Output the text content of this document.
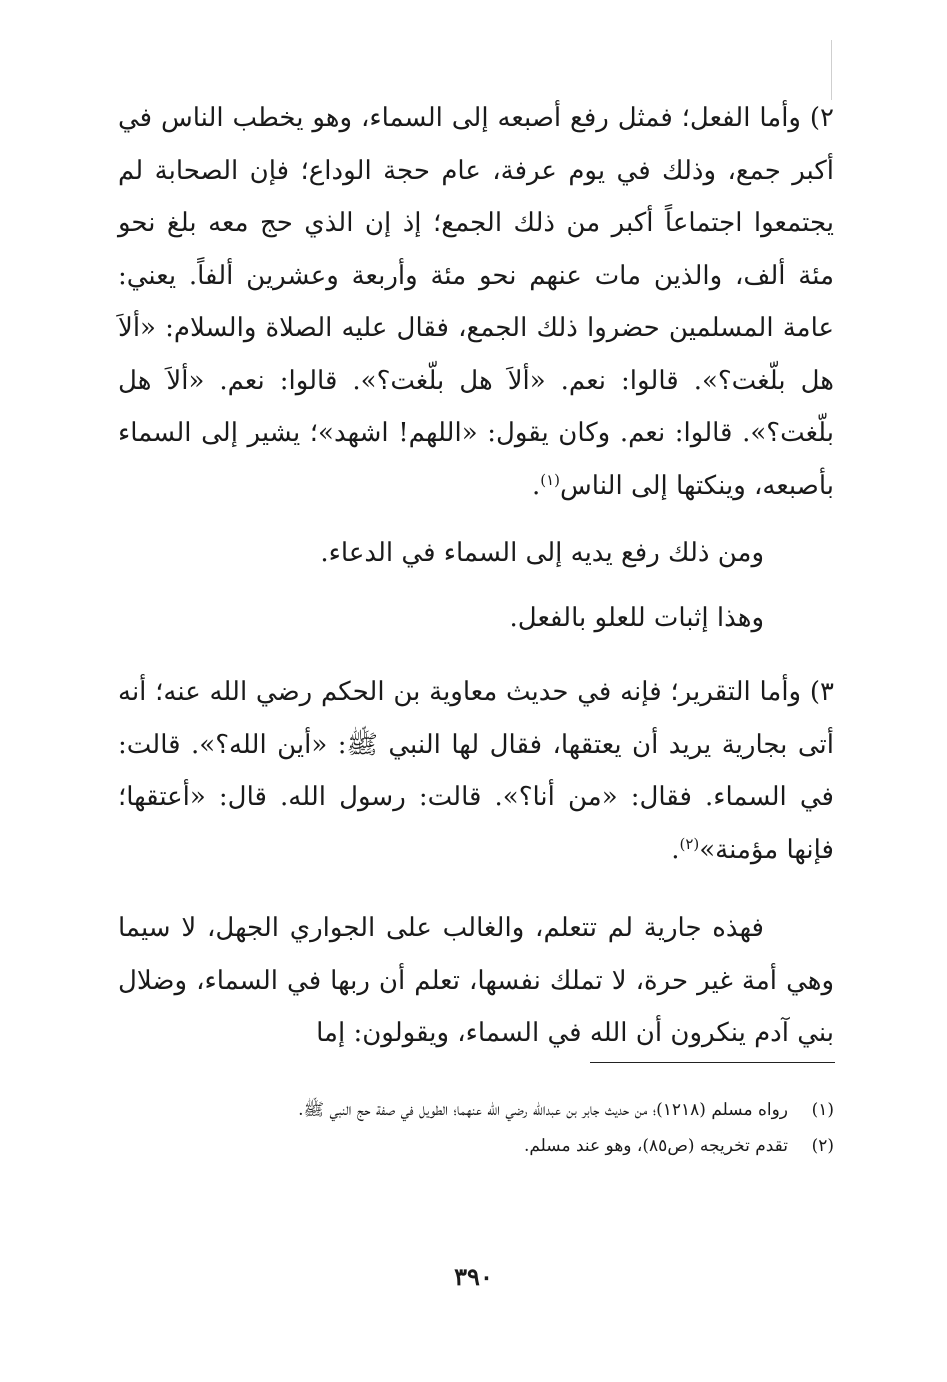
٢) وأما الفعل؛ فمثل رفع أصبعه إلى السماء، وهو يخطب الناس في أكبر جمع، وذلك في يوم عرفة، عام حجة الوداع؛ فإن الصحابة لم يجتمعوا اجتماعاً أكبر من ذلك الجمع؛ إذ إن الذي حج معه بلغ نحو مئة ألف، والذين مات عنهم نحو مئة وأربعة وعشرين ألفاً. يعني: عامة المسلمين حضروا ذلك الجمع، فقال عليه الصلاة والسلام: «ألاَ هل بلّغت؟». قالوا: نعم. «ألاَ هل بلّغت؟». قالوا: نعم. «ألاَ هل بلّغت؟». قالوا: نعم. وكان يقول: «اللهم! اشهد»؛ يشير إلى السماء بأصبعه، وينكتها إلى الناس$^{(١)}$.

ومن ذلك رفع يديه إلى السماء في الدعاء.

وهذا إثبات للعلو بالفعل.

٣) وأما التقرير؛ فإنه في حديث معاوية بن الحكم رضي الله عنه؛ أنه أتى بجارية يريد أن يعتقها، فقال لها النبي ﷺ: «أين الله؟». قالت: في السماء. فقال: «من أنا؟». قالت: رسول الله. قال: «أعتقها؛ فإنها مؤمنة»$^{(٢)}$.

فهذه جارية لم تتعلم، والغالب على الجواري الجهل، لا سيما وهي أمة غير حرة، لا تملك نفسها، تعلم أن ربها في السماء، وضلال بني آدم ينكرون أن الله في السماء، ويقولون: إما

(١)رواه مسلم (١٢١٨)؛ من حديث جابر بن عبدالله رضي الله عنهما؛ الطويل في صفة حج النبي ﷺ.

(٢)تقدم تخريجه (ص٨٥)، وهو عند مسلم.

٣٩٠
